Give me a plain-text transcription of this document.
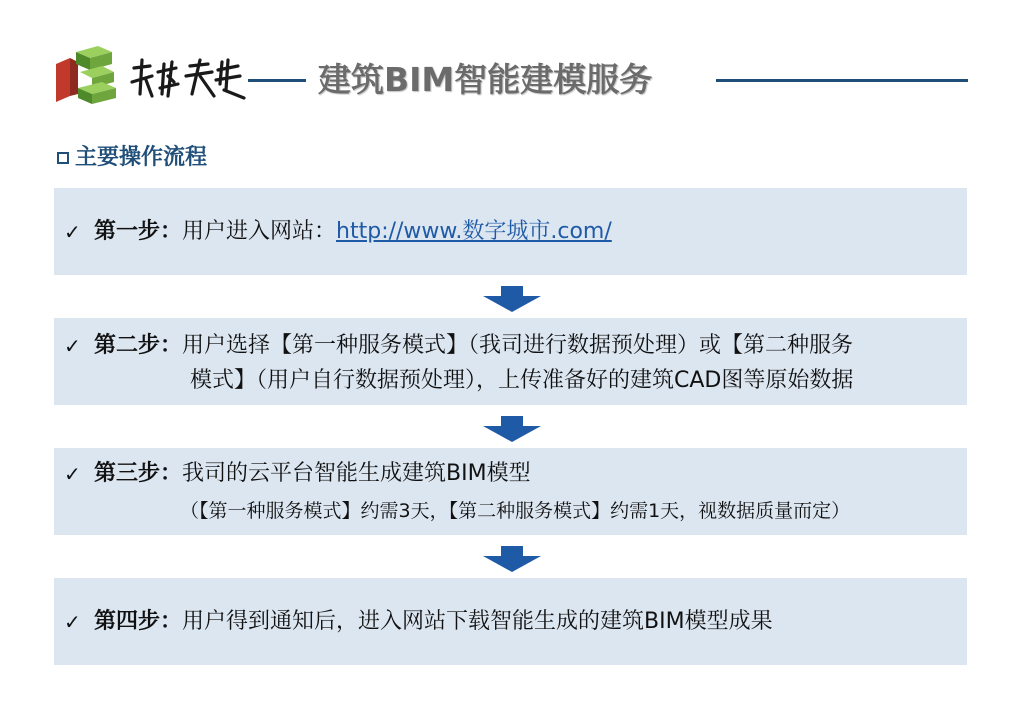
建筑BIM智能建模服务
主要操作流程
✓ 第一步：用户进入网站：http://www.数字城市.com/
✓ 第二步：用户选择【第一种服务模式】（我司进行数据预处理）或【第二种服务
模式】（用户自行数据预处理），上传准备好的建筑CAD图等原始数据
✓ 第三步：我司的云平台智能生成建筑BIM模型
（【第一种服务模式】约需3天，【第二种服务模式】约需1天，视数据质量而定）
✓ 第四步：用户得到通知后，进入网站下载智能生成的建筑BIM模型成果
